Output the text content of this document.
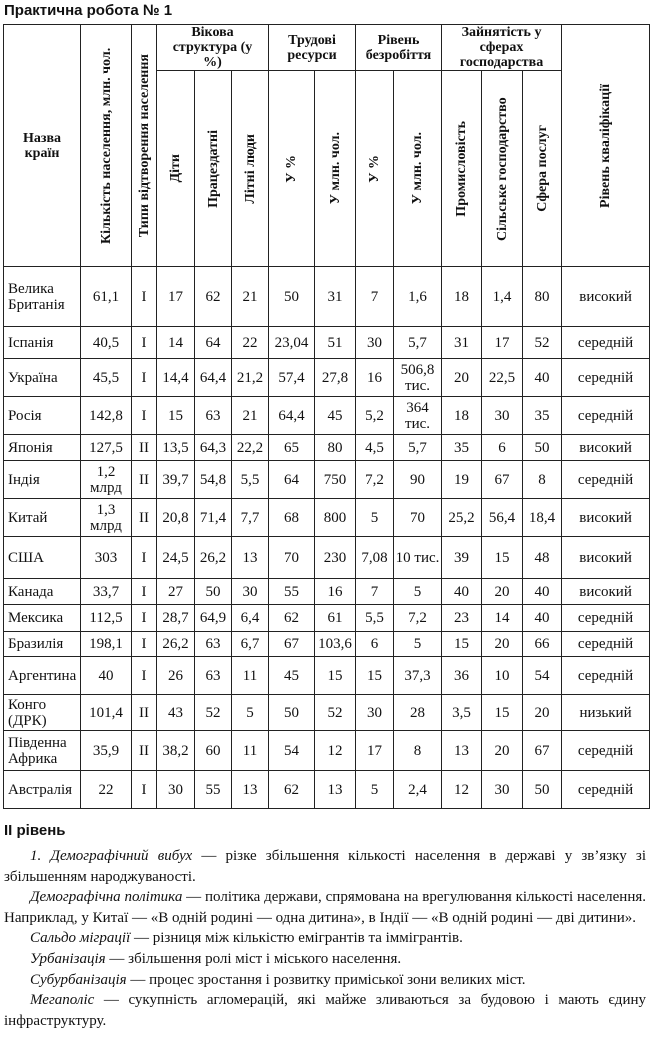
Практична робота № 1
Назва країн	Кількість населення, млн. чол.	Типи відтворення населення	Вікова структура (у %)			Трудові ресурси		Рівень безробіття		Зайнятість у сферах господарства			Рівень кваліфікації

			Діти	Працездатні	Літні люди	У %	У млн. чол.	У %	У млн. чол.	Промисловість	Сільське господарство	Сфера послуг	

Велика Британія	61,1	I	17	62	21	50	31	7	1,6	18	1,4	80	високий
Іспанія	40,5	I	14	64	22	23,04	51	30	5,7	31	17	52	середній
Україна	45,5	I	14,4	64,4	21,2	57,4	27,8	16	506,8 тис.	20	22,5	40	середній
Росія	142,8	I	15	63	21	64,4	45	5,2	364 тис.	18	30	35	середній
Японія	127,5	II	13,5	64,3	22,2	65	80	4,5	5,7	35	6	50	високий
Індія	1,2 млрд	II	39,7	54,8	5,5	64	750	7,2	90	19	67	8	середній
Китай	1,3 млрд	II	20,8	71,4	7,7	68	800	5	70	25,2	56,4	18,4	високий
США	303	I	24,5	26,2	13	70	230	7,08	10 тис.	39	15	48	високий
Канада	33,7	I	27	50	30	55	16	7	5	40	20	40	високий
Мексика	112,5	I	28,7	64,9	6,4	62	61	5,5	7,2	23	14	40	середній
Бразилія	198,1	I	26,2	63	6,7	67	103,6	6	5	15	20	66	середній
Аргентина	40	I	26	63	11	45	15	15	37,3	36	10	54	середній
Конго (ДРК)	101,4	II	43	52	5	50	52	30	28	3,5	15	20	низький
Південна Африка	35,9	II	38,2	60	11	54	12	17	8	13	20	67	середній
Австралія	22	I	30	55	13	62	13	5	2,4	12	30	50	середній
ІІ рівень

1. Демографічний вибух — різке збільшення кількості населення в державі у зв’язку зі збільшенням народжуваності.

Демографічна політика — політика держави, спрямована на врегулювання кількості населення. Наприклад, у Китаї — «В одній родині — одна дитина», в Індії — «В одній родині — дві дитини».

Сальдо міграції — різниця між кількістю емігрантів та іммігрантів.

Урбанізація — збільшення ролі міст і міського населення.

Субурбанізація — процес зростання і розвитку приміської зони великих міст.

Мегаполіс — сукупність агломерацій, які майже зливаються за будовою і мають єдину інфраструктуру.
